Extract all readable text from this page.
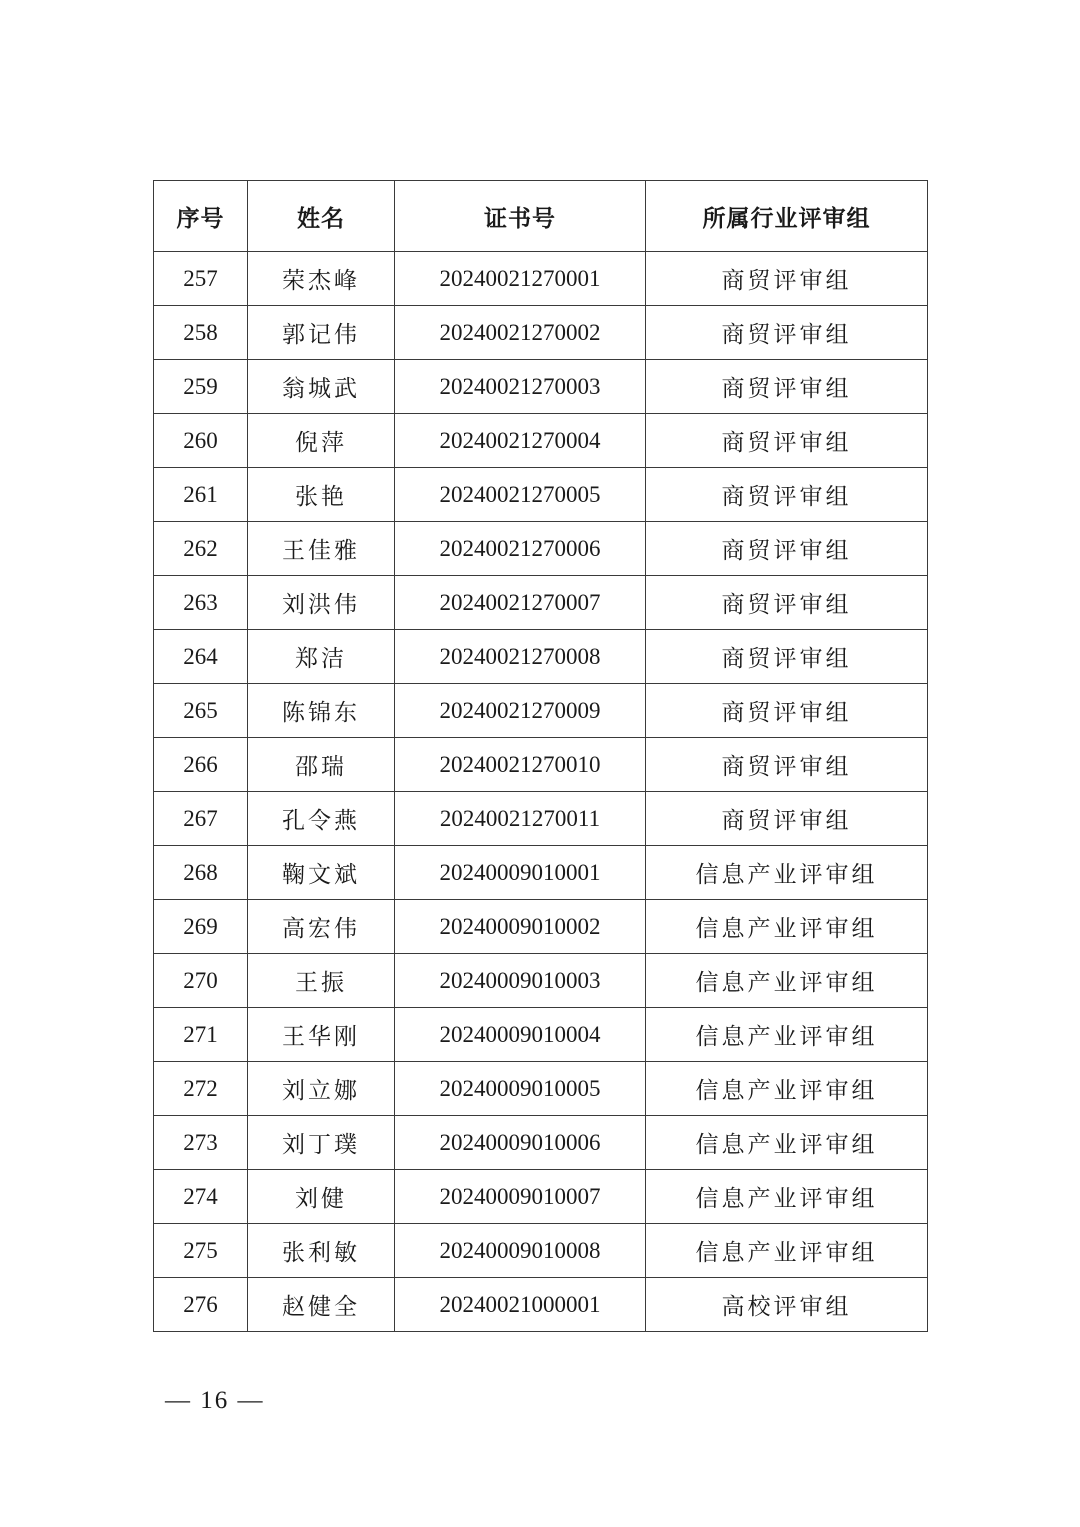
序号	姓名	证书号	所属行业评审组
257	荣杰峰	20240021270001	商贸评审组
258	郭记伟	20240021270002	商贸评审组
259	翁城武	20240021270003	商贸评审组
260	倪萍	20240021270004	商贸评审组
261	张艳	20240021270005	商贸评审组
262	王佳雅	20240021270006	商贸评审组
263	刘洪伟	20240021270007	商贸评审组
264	郑洁	20240021270008	商贸评审组
265	陈锦东	20240021270009	商贸评审组
266	邵瑞	20240021270010	商贸评审组
267	孔令燕	20240021270011	商贸评审组
268	鞠文斌	20240009010001	信息产业评审组
269	高宏伟	20240009010002	信息产业评审组
270	王振	20240009010003	信息产业评审组
271	王华刚	20240009010004	信息产业评审组
272	刘立娜	20240009010005	信息产业评审组
273	刘丁璞	20240009010006	信息产业评审组
274	刘健	20240009010007	信息产业评审组
275	张利敏	20240009010008	信息产业评审组
276	赵健全	20240021000001	高校评审组
— 16 —
